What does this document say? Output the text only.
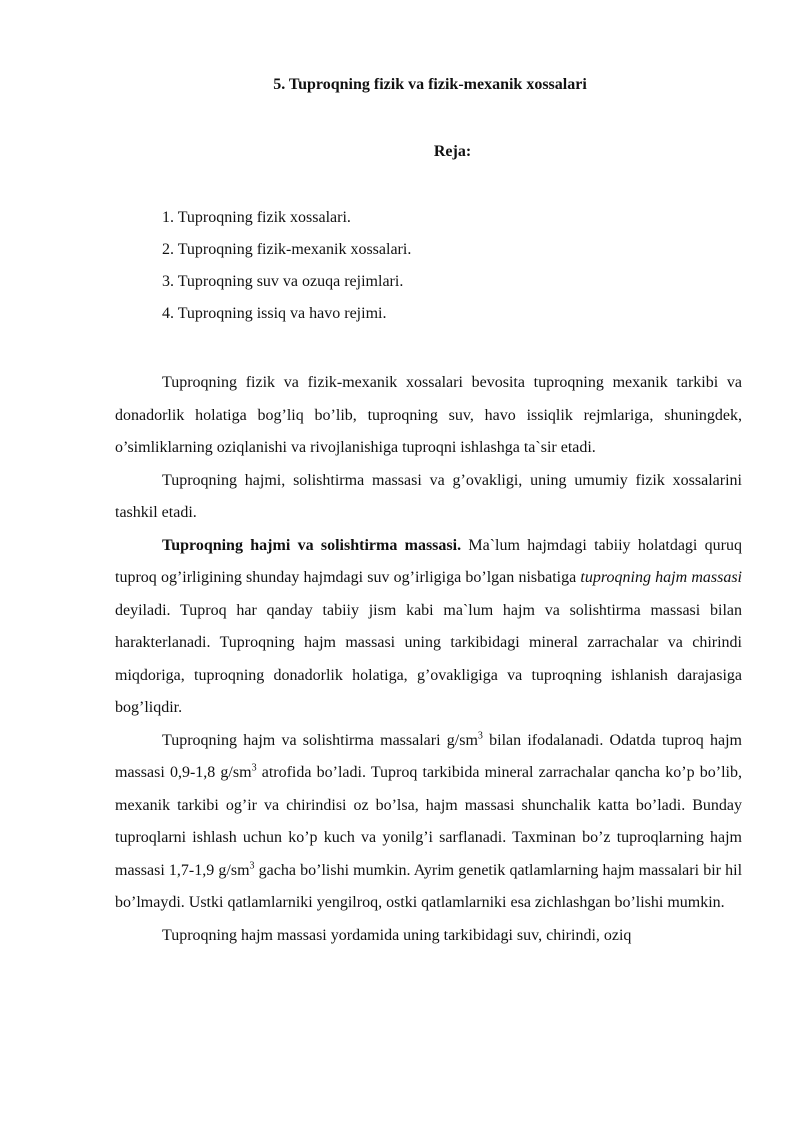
5. Tuproqning fizik va fizik-mexanik xossalari
Reja:
1. Tuproqning fizik xossalari.
2. Tuproqning fizik-mexanik xossalari.
3. Tuproqning suv va ozuqa rejimlari.
4. Tuproqning issiq va havo rejimi.

Tuproqning fizik va fizik-mexanik xossalari bevosita tuproqning mexanik tarkibi va donadorlik holatiga bog’liq bo’lib, tuproqning suv, havo issiqlik rejmlariga, shuningdek, o’simliklarning oziqlanishi va rivojlanishiga tuproqni ishlashga ta`sir etadi.

Tuproqning hajmi, solishtirma massasi va g’ovakligi, uning umumiy fizik xossalarini tashkil etadi.

Tuproqning hajmi va solishtirma massasi. Ma`lum hajmdagi tabiiy holatdagi quruq tuproq og’irligining shunday hajmdagi suv og’irligiga bo’lgan nisbatiga tuproqning hajm massasi deyiladi. Tuproq har qanday tabiiy jism kabi ma`lum hajm va solishtirma massasi bilan harakterlanadi. Tuproqning hajm massasi uning tarkibidagi mineral zarrachalar va chirindi miqdoriga, tuproqning donadorlik holatiga, g’ovakligiga va tuproqning ishlanish darajasiga bog’liqdir.

Tuproqning hajm va solishtirma massalari $g/sm^3$ bilan ifodalanadi. Odatda tuproq hajm massasi 0,9-1,8 $g/sm^3$ atrofida bo’ladi. Tuproq tarkibida mineral zarrachalar qancha ko’p bo’lib, mexanik tarkibi og’ir va chirindisi oz bo’lsa, hajm massasi shunchalik katta bo’ladi. Bunday tuproqlarni ishlash uchun ko’p kuch va yonilg’i sarflanadi. Taxminan bo’z tuproqlarning hajm massasi 1,7-1,9 $g/sm^3$ gacha bo’lishi mumkin. Ayrim genetik qatlamlarning hajm massalari bir hil bo’lmaydi. Ustki qatlamlarniki yengilroq, ostki qatlamlarniki esa zichlashgan bo’lishi mumkin.

Tuproqning hajm massasi yordamida uning tarkibidagi suv, chirindi, oziq
